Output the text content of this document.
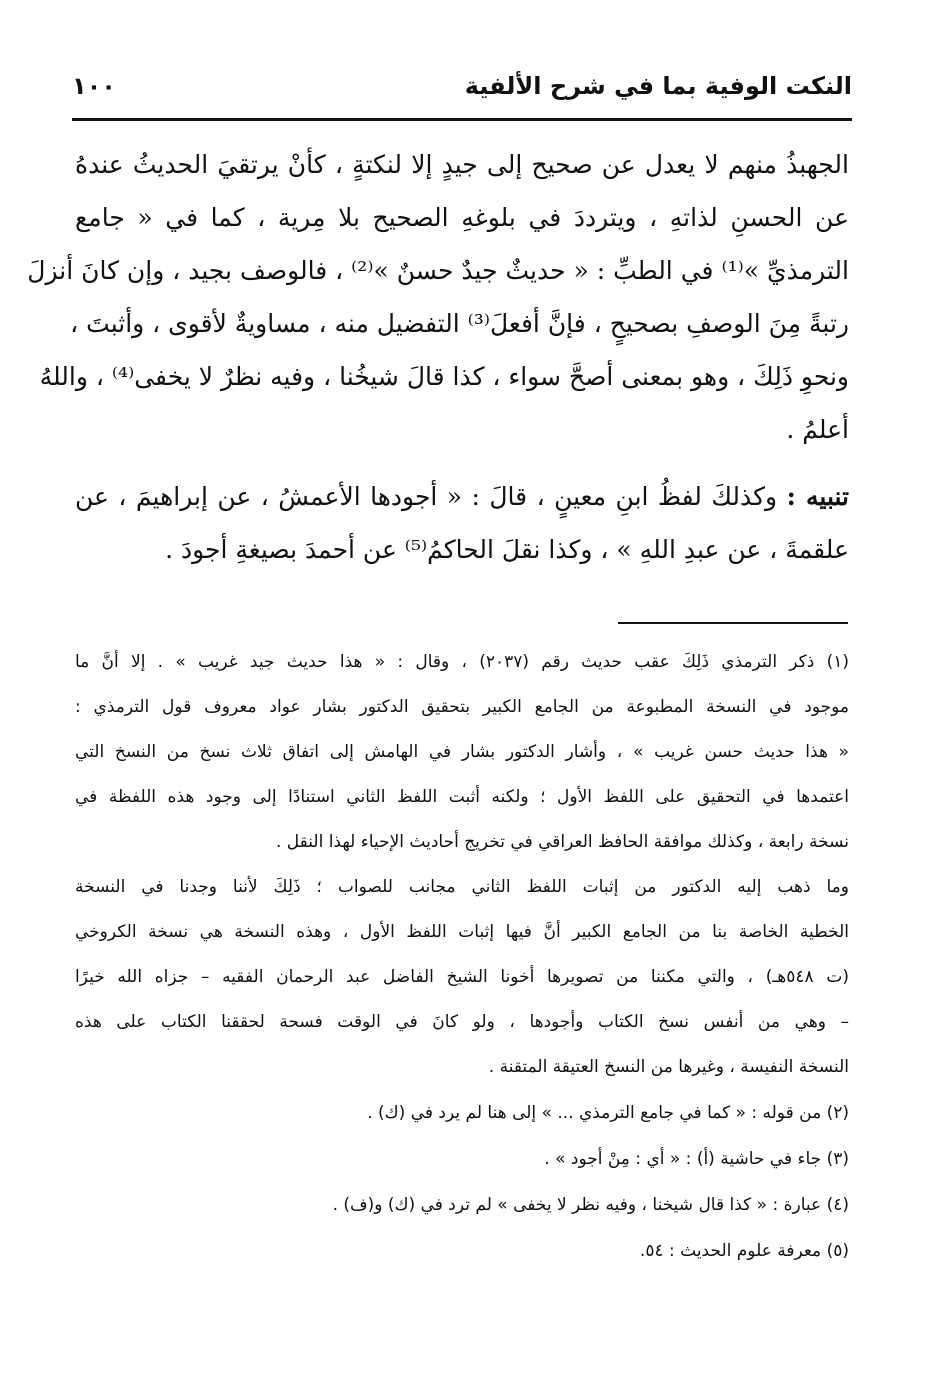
النكت الوفية بما في شرح الألفية
١٠٠
الجهبذُ منهم لا يعدل عن صحيح إلى جيدٍ إلا لنكتةٍ ، كأنْ يرتقيَ الحديثُ عندهُ
عن الحسنِ لذاتهِ ، ويترددَ في بلوغهِ الصحيح بلا مِرية ، كما في « جامع
الترمذيِّ »⁽¹⁾ في الطبِّ : « حديثٌ جيدٌ حسنٌ »⁽²⁾ ، فالوصف بجيد ، وإن كانَ أنزلَ
رتبةً مِنَ الوصفِ بصحيحٍ ، فإنَّ أفعلَ⁽³⁾ التفضيل منه ، مساويةٌ لأقوى ، وأثبتَ ،
ونحوِ ذَلِكَ ، وهو بمعنى أصحَّ سواء ، كذا قالَ شيخُنا ، وفيه نظرٌ لا يخفى⁽⁴⁾ ، واللهُ
أعلمُ .
تنبيه : وكذلكَ لفظُ ابنِ معينٍ ، قالَ : « أجودها الأعمشُ ، عن إبراهيمَ ، عن
علقمةَ ، عن عبدِ اللهِ » ، وكذا نقلَ الحاكمُ⁽⁵⁾ عن أحمدَ بصيغةِ أجودَ .
(١) ذكر الترمذي ذَلِكَ عقب حديث رقم (٢٠٣٧) ، وقال : « هذا حديث جيد غريب » . إلا أنَّ ما
موجود في النسخة المطبوعة من الجامع الكبير بتحقيق الدكتور بشار عواد معروف قول الترمذي :
« هذا حديث حسن غريب » ، وأشار الدكتور بشار في الهامش إلى اتفاق ثلاث نسخ من النسخ التي
اعتمدها في التحقيق على اللفظ الأول ؛ ولكنه أثبت اللفظ الثاني استنادًا إلى وجود هذه اللفظة في
نسخة رابعة ، وكذلك موافقة الحافظ العراقي في تخريج أحاديث الإحياء لهذا النقل .
وما ذهب إليه الدكتور من إثبات اللفظ الثاني مجانب للصواب ؛ ذَلِكَ لأننا وجدنا في النسخة
الخطية الخاصة بنا من الجامع الكبير أنَّ فيها إثبات اللفظ الأول ، وهذه النسخة هي نسخة الكروخي
(ت ٥٤٨هـ) ، والتي مكننا من تصويرها أخونا الشيخ الفاضل عبد الرحمان الفقيه – جزاه الله خيرًا
– وهي من أنفس نسخ الكتاب وأجودها ، ولو كانَ في الوقت فسحة لحققنا الكتاب على هذه
النسخة النفيسة ، وغيرها من النسخ العتيقة المتقنة .
(٢) من قوله : « كما في جامع الترمذي ... » إلى هنا لم يرد في (ك) .
(٣) جاء في حاشية (أ) : « أي : مِنْ أجود » .
(٤) عبارة : « كذا قال شيخنا ، وفيه نظر لا يخفى » لم ترد في (ك) و(ف) .
(٥) معرفة علوم الحديث : ٥٤.
